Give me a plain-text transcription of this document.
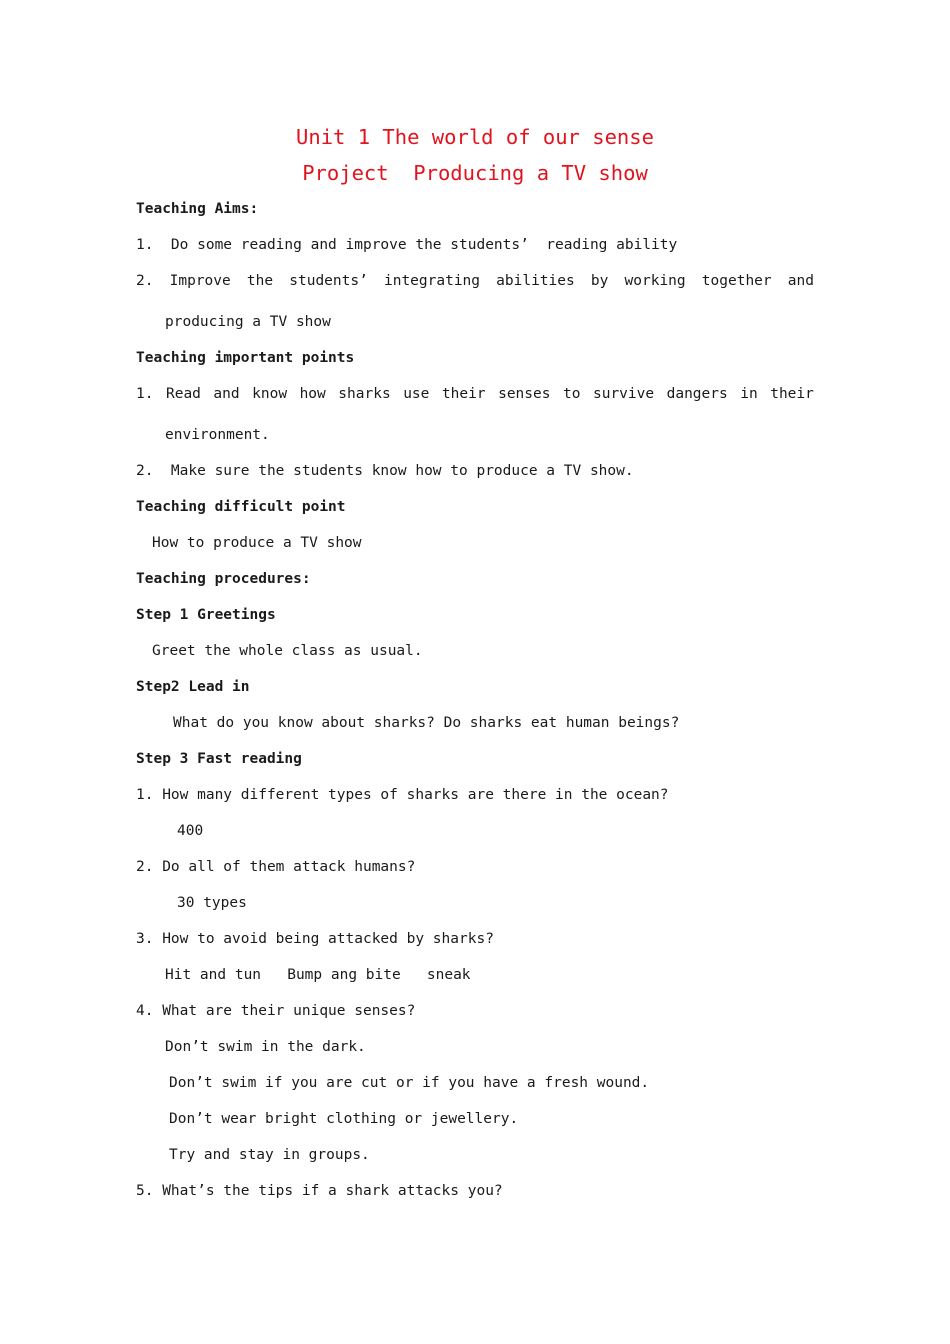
Unit 1 The world of our sense
Project  Producing a TV show
Teaching Aims:
1.  Do some reading and improve the students’  reading ability
2. Improve the students’ integrating abilities by working together and
producing a TV show
Teaching important points
1. Read and know how sharks use their senses to survive dangers in their
environment.
2.  Make sure the students know how to produce a TV show.
Teaching difficult point
How to produce a TV show
Teaching procedures:
Step 1 Greetings
Greet the whole class as usual.
Step2 Lead in
What do you know about sharks? Do sharks eat human beings?
Step 3 Fast reading
1. How many different types of sharks are there in the ocean?
400
2. Do all of them attack humans?
30 types
3. How to avoid being attacked by sharks?
Hit and tun   Bump ang bite   sneak
4. What are their unique senses?
Don’t swim in the dark.
Don’t swim if you are cut or if you have a fresh wound.
Don’t wear bright clothing or jewellery.
Try and stay in groups.
5. What’s the tips if a shark attacks you?
